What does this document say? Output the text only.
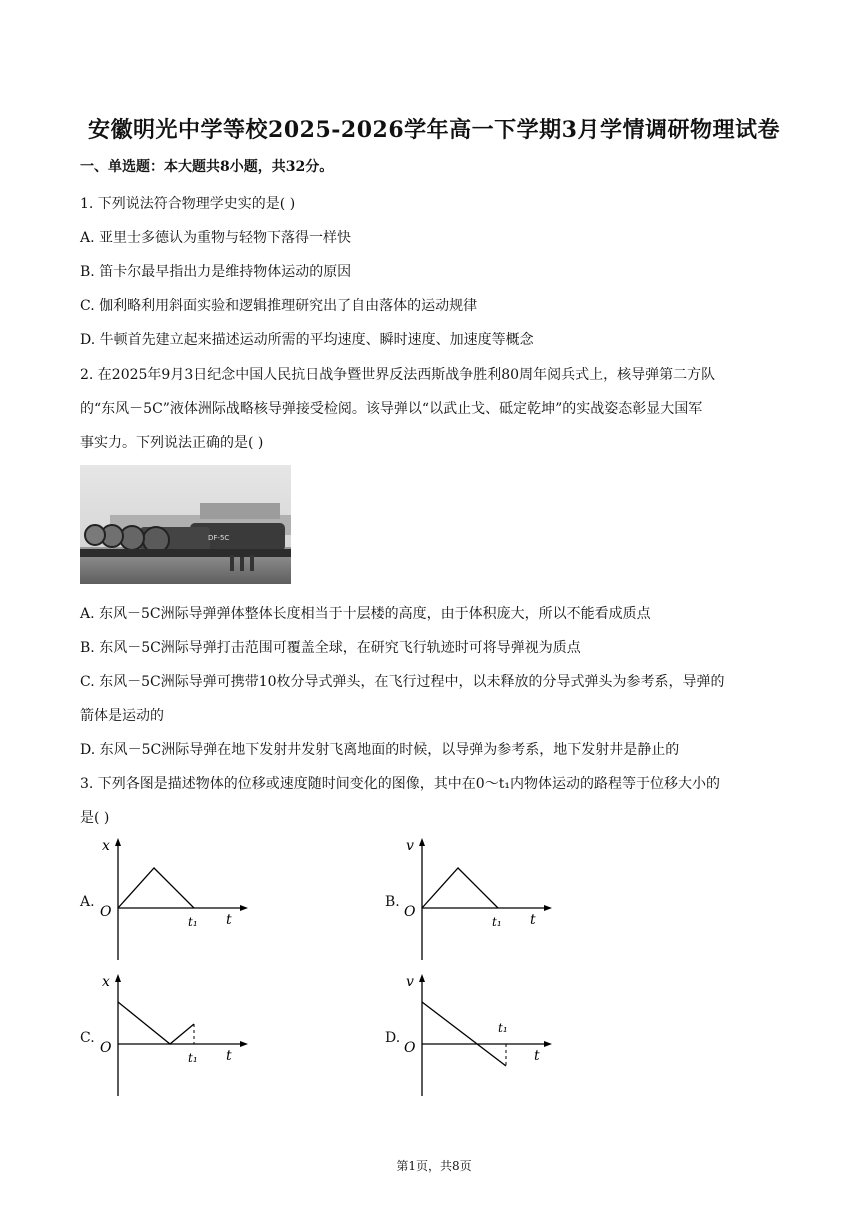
安徽明光中学等校2025-2026学年高一下学期3月学情调研物理试卷
一、单选题：本大题共8小题，共32分。
1. 下列说法符合物理学史实的是( )
A. 亚里士多德认为重物与轻物下落得一样快
B. 笛卡尔最早指出力是维持物体运动的原因
C. 伽利略利用斜面实验和逻辑推理研究出了自由落体的运动规律
D. 牛顿首先建立起来描述运动所需的平均速度、瞬时速度、加速度等概念
2. 在2025年9月3日纪念中国人民抗日战争暨世界反法西斯战争胜利80周年阅兵式上，核导弹第二方队
的“东风－5C”液体洲际战略核导弹接受检阅。该导弹以“以武止戈、砥定乾坤”的实战姿态彰显大国军
事实力。下列说法正确的是( )
DF-5C
A. 东风－5C洲际导弹弹体整体长度相当于十层楼的高度，由于体积庞大，所以不能看成质点
B. 东风－5C洲际导弹打击范围可覆盖全球，在研究飞行轨迹时可将导弹视为质点
C. 东风－5C洲际导弹可携带10枚分导式弹头，在飞行过程中，以未释放的分导式弹头为参考系，导弹的
箭体是运动的
D. 东风－5C洲际导弹在地下发射井发射飞离地面的时候，以导弹为参考系，地下发射井是静止的
3. 下列各图是描述物体的位移或速度随时间变化的图像，其中在0～t₁内物体运动的路程等于位移大小的
是( )
A.
x
O
t₁ t
B.
v
O
t₁ t
C.
x
O
t₁ t
D.
v
O
t₁
t
第1页，共8页
